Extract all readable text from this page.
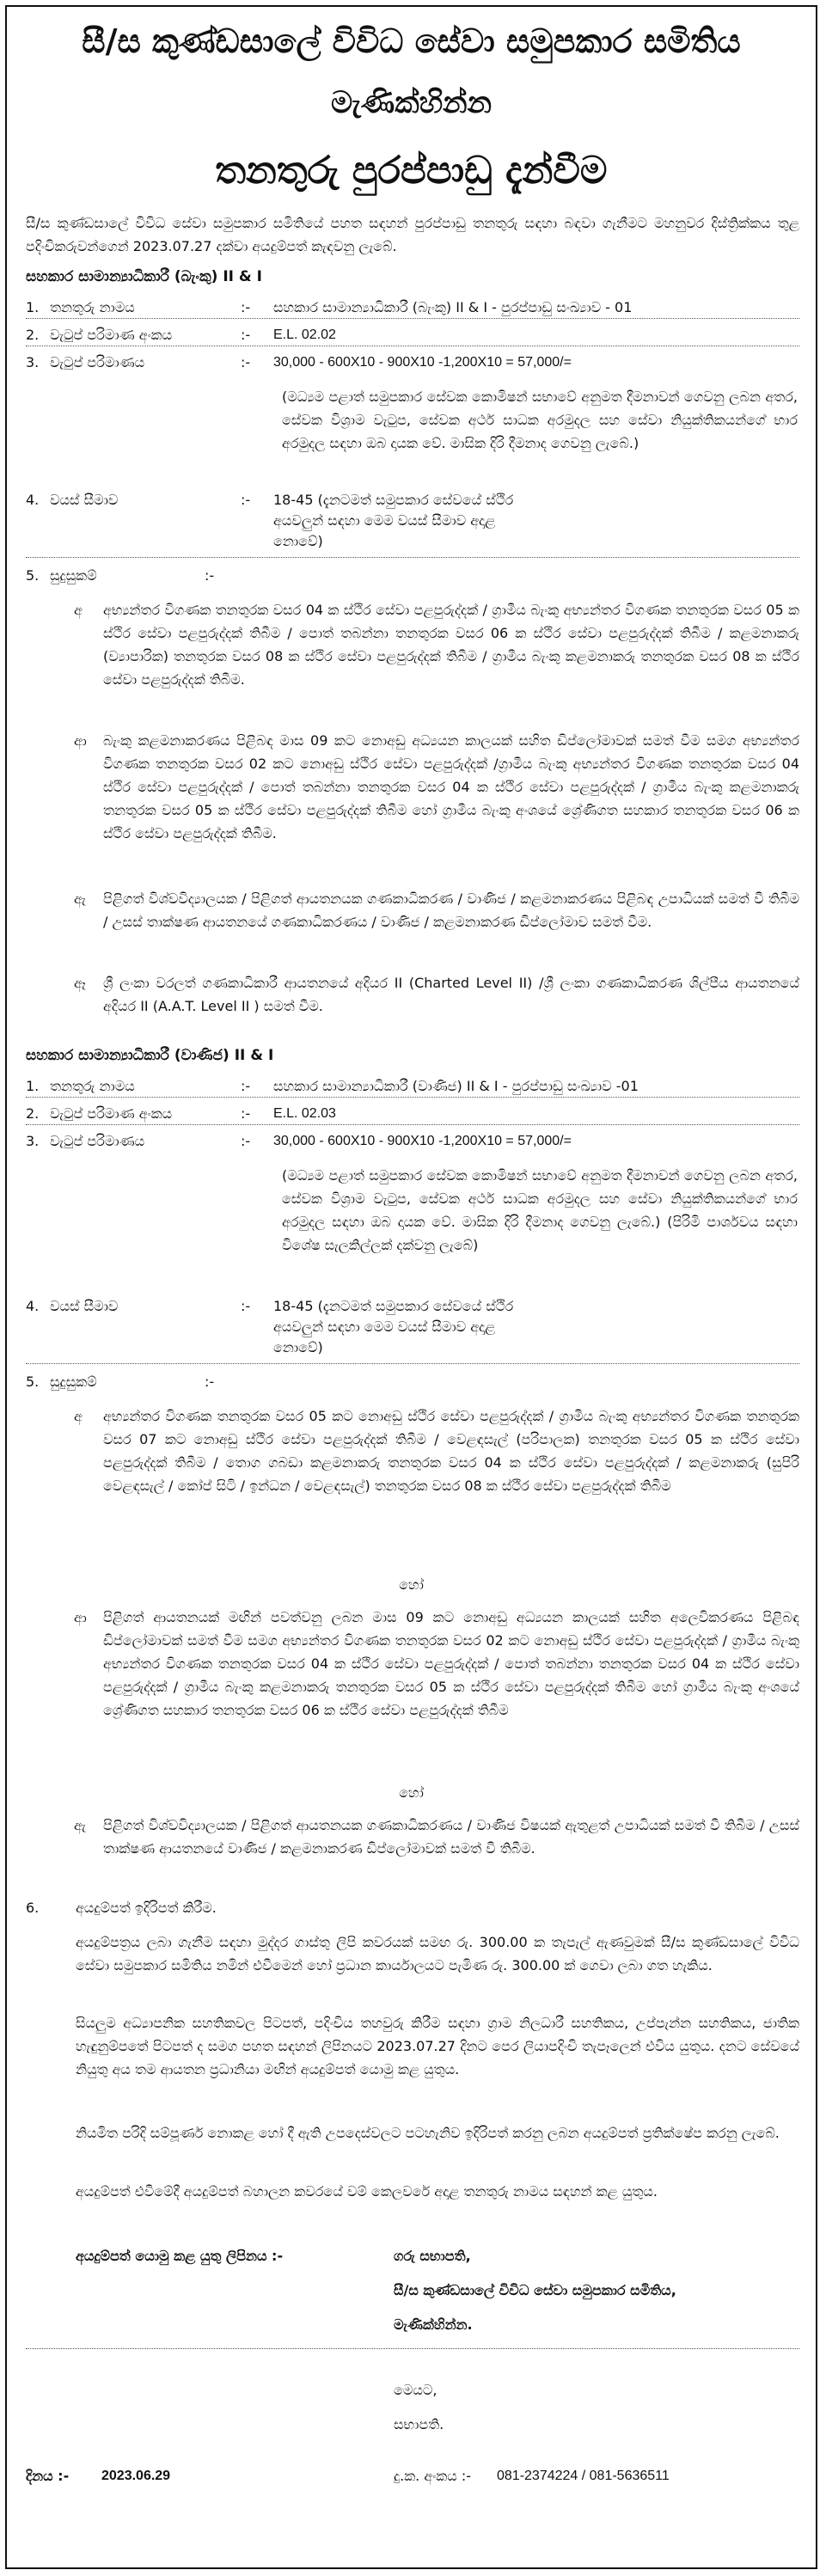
සී/ස කුණ්ඩසාලේ විවිධ සේවා සමුපකාර සමිතිය
මැණික්හින්න
තනතුරු පුරප්පාඩු දැන්වීම
සී/ස කුණ්ඩසාලේ විවිධ සේවා සමුපකාර සමිතියේ පහත සඳහන් පුරප්පාඩු තනතුරු සඳහා බඳවා ගැනීමට මහනුවර දිස්ත්‍රික්කය තුළ පදිංචිකරුවන්ගෙන් 2023.07.27 දක්වා අයදුම්පත් කැඳවනු ලැබේ.
සහකාර සාමාන්‍යාධිකාරී (බැංකු) II & I
1. තනතුරු නාමය	:- සහකාර සාමාන්‍යාධිකාරී (බැංකු) II & I - පුරප්පාඩු සංඛ්‍යාව - 01
2. වැටුප් පරිමාණ අංකය	:- E.L. 02.02
3. වැටුප් පරිමාණය	:- 30,000 - 600X10 - 900X10 -1,200X10 = 57,000/=
(මධ්‍යම පළාත් සමුපකාර සේවක කොමිෂන් සභාවේ අනුමත දීමනාවන් ගෙවනු ලබන අතර, සේවක විශ්‍රාම වැටුප, සේවක අර්ථ සාධක අරමුදල සහ සේවා නියුක්තිකයන්ගේ භාර අරමුදල සඳහා ඔබ දායක වේ. මාසික දිරි දීමනාද ගෙවනු ලැබේ.)
4. වයස් සීමාව	:- 18-45 (දැනටමත් සමුපකාර සේවයේ ස්ථිර අයවලුන් සඳහා මෙම වයස් සීමාව අදාළ නොවේ)
5. සුදුසුකම්	:-
අ අභ්‍යන්තර විගණක තනතුරක වසර 04 ක ස්ථිර සේවා පළපුරුද්දක් / ග්‍රාමීය බැංකු අභ්‍යන්තර විගණක තනතුරක වසර 05 ක ස්ථිර සේවා පළපුරුද්දක් තිබීම / පොත් තබන්නා තනතුරක වසර 06 ක ස්ථිර සේවා පළපුරුද්දක් තිබීම / කළමනාකරු (ව්‍යාපාරික) තනතුරක වසර 08 ක ස්ථිර සේවා පළපුරුද්දක් තිබීම / ග්‍රාමීය බැංකු කළමනාකරු තනතුරක වසර 08 ක ස්ථිර සේවා පළපුරුද්දක් තිබීම.
ආ බැංකු කළමනාකරණය පිළිබඳ මාස 09 කට නොඅඩු අධ්‍යයන කාලයක් සහිත ඩිප්ලෝමාවක් සමත් වීම සමග අභ්‍යන්තර විගණක තනතුරක වසර 02 කට නොඅඩු ස්ථිර සේවා පළපුරුද්දක් /ග්‍රාමීය බැංකු අභ්‍යන්තර විගණක තනතුරක වසර 04 ස්ථිර සේවා පළපුරුද්දක් / පොත් තබන්නා තනතුරක වසර 04 ක ස්ථිර සේවා පළපුරුද්දක් / ග්‍රාමීය බැංකු කළමනාකරු තනතුරක වසර 05 ක ස්ථිර සේවා පළපුරුද්දක් තිබීම හෝ ග්‍රාමීය බැංකු අංශයේ ශ්‍රේණිගත සහකාර තනතුරක වසර 06 ක ස්ථිර සේවා පළපුරුද්දක් තිබීම.
ඇ පිළිගත් විශ්වවිද්‍යාලයක / පිළිගත් ආයතනයක ගණකාධිකරණ / වාණිජ / කළමනාකරණය පිළිබඳ උපාධියක් සමත් වී තිබීම / උසස් තාක්ෂණ ආයතනයේ ගණකාධිකරණය / වාණිජ / කළමනාකරණ ඩිප්ලෝමාව සමත් වීම.
ඈ ශ්‍රී ලංකා වරලත් ගණකාධිකාරී ආයතනයේ අදියර II (Charted Level II) /ශ්‍රී ලංකා ගණකාධිකරණ ශිල්පීය ආයතනයේ අදියර II (A.A.T. Level II ) සමත් වීම.
සහකාර සාමාන්‍යාධිකාරී (වාණිජ) II & I
1. තනතුරු නාමය	:- සහකාර සාමාන්‍යාධිකාරී (වාණිජ) II & I - පුරප්පාඩු සංඛ්‍යාව -01
2. වැටුප් පරිමාණ අංකය	:- E.L. 02.03
3. වැටුප් පරිමාණය	:- 30,000 - 600X10 - 900X10 -1,200X10 = 57,000/=
(මධ්‍යම පළාත් සමුපකාර සේවක කොමිෂන් සභාවේ අනුමත දීමනාවන් ගෙවනු ලබන අතර, සේවක විශ්‍රාම වැටුප, සේවක අර්ථ සාධක අරමුදල සහ සේවා නියුක්තිකයන්ගේ භාර අරමුදල සඳහා ඔබ දායක වේ. මාසික දිරි දීමනාද ගෙවනු ලැබේ.) (පිරිමි පාර්ශවය සඳහා විශේෂ සැලකිල්ලක් දක්වනු ලැබේ)
4. වයස් සීමාව	:- 18-45 (දැනටමත් සමුපකාර සේවයේ ස්ථිර අයවලුන් සඳහා මෙම වයස් සීමාව අදාළ නොවේ)
5. සුදුසුකම්	:-
අ අභ්‍යන්තර විගණක තනතුරක වසර 05 කට නොඅඩු ස්ථිර සේවා පළපුරුද්දක් / ග්‍රාමීය බැංකු අභ්‍යන්තර විගණක තනතුරක වසර 07 කට නොඅඩු ස්ථිර සේවා පළපුරුද්දක් තිබීම / වෙළඳසැල් (පරිපාලක) තනතුරක වසර 05 ක ස්ථිර සේවා පළපුරුද්දක් තිබීම / තොග ගබඩා කළමනාකරු තනතුරක වසර 04 ක ස්ථිර සේවා පළපුරුද්දක් / කළමනාකරු (සුපිරි වෙළඳසැල් / කෝප් සිටි / ඉන්ධන / වෙළඳසැල්) තනතුරක වසර 08 ක ස්ථිර සේවා පළපුරුද්දක් තිබීම
හෝ
ආ පිළිගත් ආයතනයක් මඟින් පවත්වනු ලබන මාස 09 කට නොඅඩු අධ්‍යයන කාලයක් සහිත අලෙවිකරණය පිළිබඳ ඩිප්ලෝමාවක් සමත් වීම සමග අභ්‍යන්තර විගණක තනතුරක වසර 02 කට නොඅඩු ස්ථිර සේවා පළපුරුද්දක් / ග්‍රාමීය බැංකු අභ්‍යන්තර විගණක තනතුරක වසර 04 ක ස්ථිර සේවා පළපුරුද්දක් / පොත් තබන්නා තනතුරක වසර 04 ක ස්ථිර සේවා පළපුරුද්දක් / ග්‍රාමීය බැංකු කළමනාකරු තනතුරක වසර 05 ක ස්ථිර සේවා පළපුරුද්දක් තිබීම හෝ ග්‍රාමීය බැංකු අංශයේ ශ්‍රේණිගත සහකාර තනතුරක වසර 06 ක ස්ථිර සේවා පළපුරුද්දක් තිබීම
හෝ
ඇ පිළිගත් විශ්වවිද්‍යාලයක / පිළිගත් ආයතනයක ගණකාධිකරණය / වාණිජ විෂයක් ඇතුළත් උපාධියක් සමත් වී තිබීම / උසස් තාක්ෂණ ආයතනයේ වාණිජ / කළමනාකරණ ඩිප්ලෝමාවක් සමත් වී තිබීම.
6.	අයදුම්පත් ඉදිරිපත් කිරීම.
අයදුම්පත්‍රය ලබා ගැනීම සඳහා මුද්දර ගාස්තු ලිපි කවරයක් සමඟ රු. 300.00 ක තැපැල් ඇණවුමක් සී/ස කුණ්ඩසාලේ විවිධ සේවා සමුපකාර සමිතිය නමින් එවීමෙන් හෝ ප්‍රධාන කාර්යාලයට පැමිණ රු. 300.00 ක් ගෙවා ලබා ගත හැකිය.
සියලුම අධ්‍යාපනික සහතිකවල පිටපත්, පදිංචිය තහවුරු කිරීම සඳහා ග්‍රාම නිලධාරී සහතිකය, උප්පැන්න සහතිකය, ජාතික හැඳුනුම්පතේ පිටපත් ද සමග පහත සඳහන් ලිපිනයට 2023.07.27 දිනට පෙර ලියාපදිංචි තැපෑලෙන් එවිය යුතුය. දනට සේවයේ නියුතු අය තම ආයතන ප්‍රධානියා මඟින් අයදුම්පත් යොමු කළ යුතුය.
නියමිත පරිදි සම්පූර්ණ නොකළ හෝ දී ඇති උපදෙස්වලට පටහැනිව ඉදිරිපත් කරනු ලබන අයදුම්පත් ප්‍රතික්ෂේප කරනු ලැබේ.
අයදුම්පත් එවීමේදී අයදුම්පත් බහාලන කවරයේ වම් කෙලවරේ අදාළ තනතුරු නාමය සඳහන් කළ යුතුය.
අයදුම්පත් යොමු කළ යුතු ලිපිනය :-	ගරු සභාපති,
සී/ස කුණ්ඩසාලේ විවිධ සේවා සමුපකාර සමිතිය,
මැණික්හින්න.
මෙයට,
සභාපති.
දු.ක. අංකය :- 081-2374224 / 081-5636511
දිනය :- 2023.06.29
